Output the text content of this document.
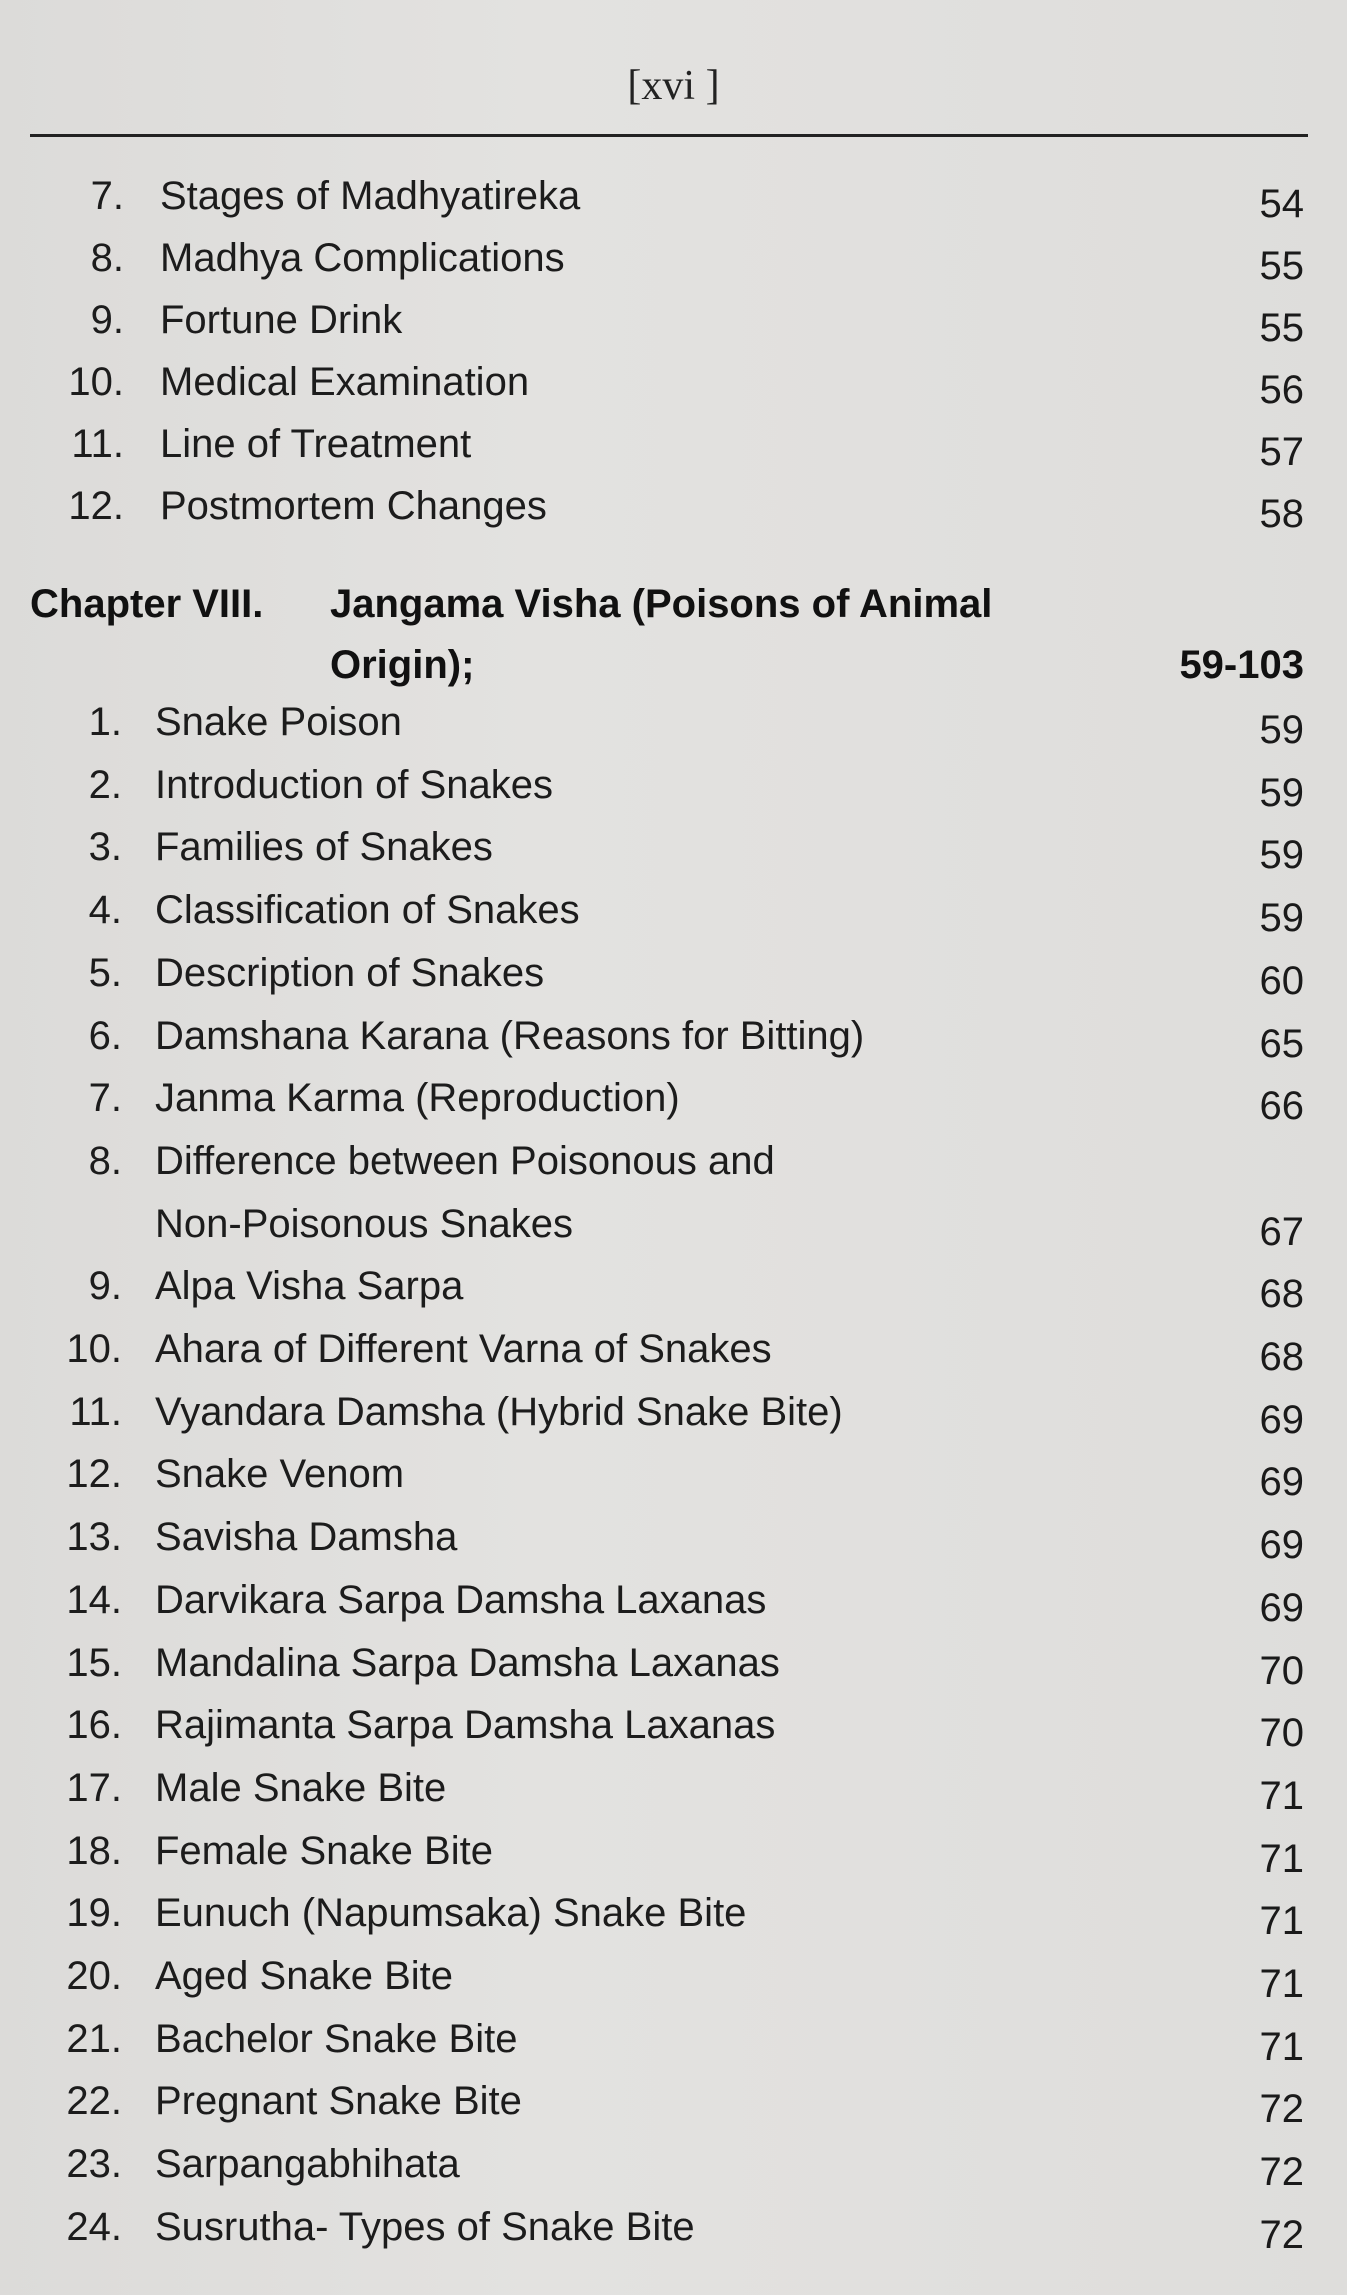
[xvi ]
7. Stages of Madhyatireka	54
8. Madhya Complications	55
9. Fortune Drink	55
10. Medical Examination	56
11. Line of Treatment	57
12. Postmortem Changes	58
Chapter VIII. Jangama Visha (Poisons of Animal
Origin);	59-103
1. Snake Poison	59
2. Introduction of Snakes	59
3. Families of Snakes	59
4. Classification of Snakes	59
5. Description of Snakes	60
6. Damshana Karana (Reasons for Bitting)	65
7. Janma Karma (Reproduction)	66
8. Difference between Poisonous and
Non-Poisonous Snakes	67
9. Alpa Visha Sarpa	68
10. Ahara of Different Varna of Snakes	68
11. Vyandara Damsha (Hybrid Snake Bite)	69
12. Snake Venom	69
13. Savisha Damsha	69
14. Darvikara Sarpa Damsha Laxanas	69
15. Mandalina Sarpa Damsha Laxanas	70
16. Rajimanta Sarpa Damsha Laxanas	70
17. Male Snake Bite	71
18. Female Snake Bite	71
19. Eunuch (Napumsaka) Snake Bite	71
20. Aged Snake Bite	71
21. Bachelor Snake Bite	71
22. Pregnant Snake Bite	72
23. Sarpangabhihata	72
24. Susrutha- Types of Snake Bite	72
